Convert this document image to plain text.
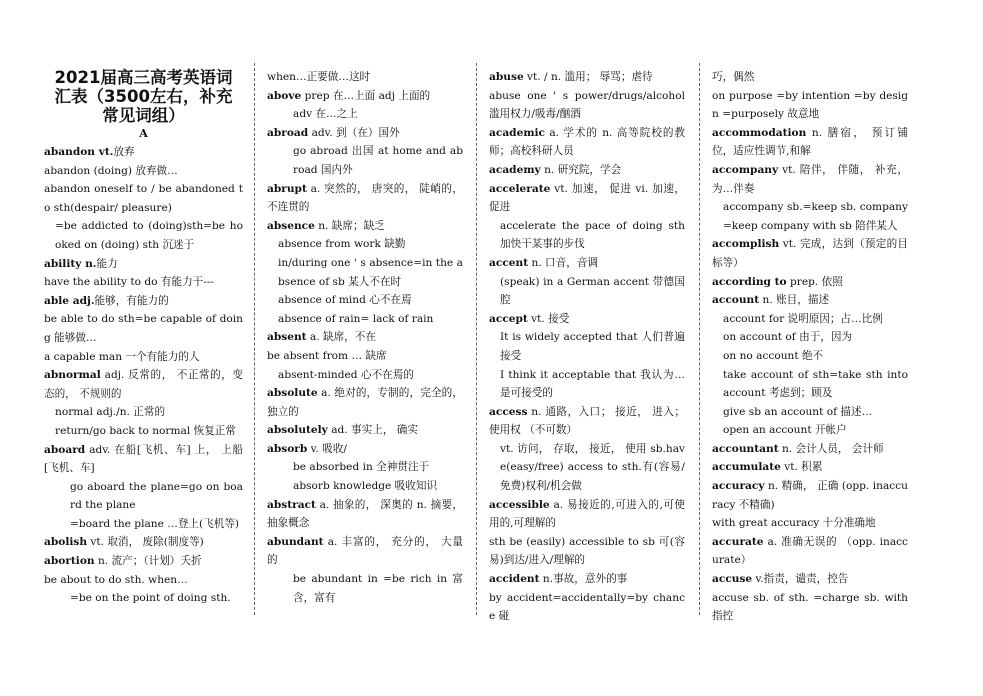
2021届高三高考英语词
汇表（3500左右，补充
常见词组）
A
abandon vt.放弃
abandon (doing) 放弃做…
abandon oneself to / be abandoned to sth(despair/ pleasure)
=be addicted to (doing)sth=be hooked on (doing) sth 沉迷于
ability n.能力
have the ability to do 有能力干---
able adj.能够，有能力的
be able to do sth=be capable of doing 能够做…
a capable man 一个有能力的人
abnormal adj. 反常的， 不正常的，变态的， 不规则的
normal adj./n. 正常的
return/go back to normal 恢复正常
aboard adv. 在船[飞机、车] 上， 上船[飞机、车]
go aboard the plane=go on board the plane
=board the plane …登上(飞机等)
abolish vt. 取消， 废除(制度等)
abortion n. 流产；（计划）夭折
be about to do sth. when…
=be on the point of doing sth.
when…正要做…这时
above prep 在…上面 adj 上面的
adv 在…之上
abroad adv. 到（在）国外
go abroad 出国 at home and abroad 国内外
abrupt a. 突然的， 唐突的， 陡峭的， 不连贯的
absence n. 缺席；缺乏
absence from work 缺勤
in/during one ' s absence=in the absence of sb 某人不在时
absence of mind 心不在焉
absence of rain= lack of rain
absent a. 缺席，不在
be absent from … 缺席
absent-minded 心不在焉的
absolute a. 绝对的，专制的，完全的，独立的
absolutely ad. 事实上， 确实
absorb v. 吸收/
be absorbed in 全神贯注于
absorb knowledge 吸收知识
abstract a. 抽象的， 深奥的 n. 摘要， 抽象概念
abundant a. 丰富的， 充分的， 大量的
be abundant in =be rich in 富含，富有
abuse vt. / n. 滥用； 辱骂；虐待
abuse one ' s power/drugs/alcohol 滥用权力/吸毒/酗酒
academic a. 学术的 n. 高等院校的教师；高校科研人员
academy n. 研究院，学会
accelerate vt. 加速， 促进 vi. 加速，促进
accelerate the pace of doing sth 加快干某事的步伐
accent n. 口音，音调
(speak) in a German accent 带德国腔
accept vt. 接受
It is widely accepted that 人们普遍接受
I think it acceptable that 我认为…是可接受的
access n. 通路，入口； 接近， 进入；使用权 （不可数）
vt. 访问， 存取， 接近， 使用 sb.have(easy/free) access to sth.有(容易/免费)权利/机会做
accessible a. 易接近的,可进入的,可使用的,可理解的
sth be (easily) accessible to sb 可(容易)到达/进入/理解的
accident n.事故，意外的事
by accident=accidentally=by chance 碰
巧，偶然
on purpose =by intention =by design =purposely 故意地
accommodation n. 膳宿， 预订铺位，适应性调节,和解
accompany vt. 陪伴， 伴随， 补充，为…伴奏
accompany sb.=keep sb. company =keep company with sb 陪伴某人
accomplish vt. 完成，达到（预定的目标等）
according to prep. 依照
account n. 账目，描述
account for 说明原因；占…比例
on account of 由于，因为
on no account 绝不
take account of sth=take sth into account 考虑到；顾及
give sb an account of 描述…
open an account 开帐户
accountant n. 会计人员， 会计师
accumulate vt. 积累
accuracy n. 精确， 正确 (opp. inaccuracy 不精确)
with great accuracy 十分准确地
accurate a. 准确无误的 （opp. inaccurate）
accuse v.指责，谴责，控告
accuse sb. of sth. =charge sb. with 指控
